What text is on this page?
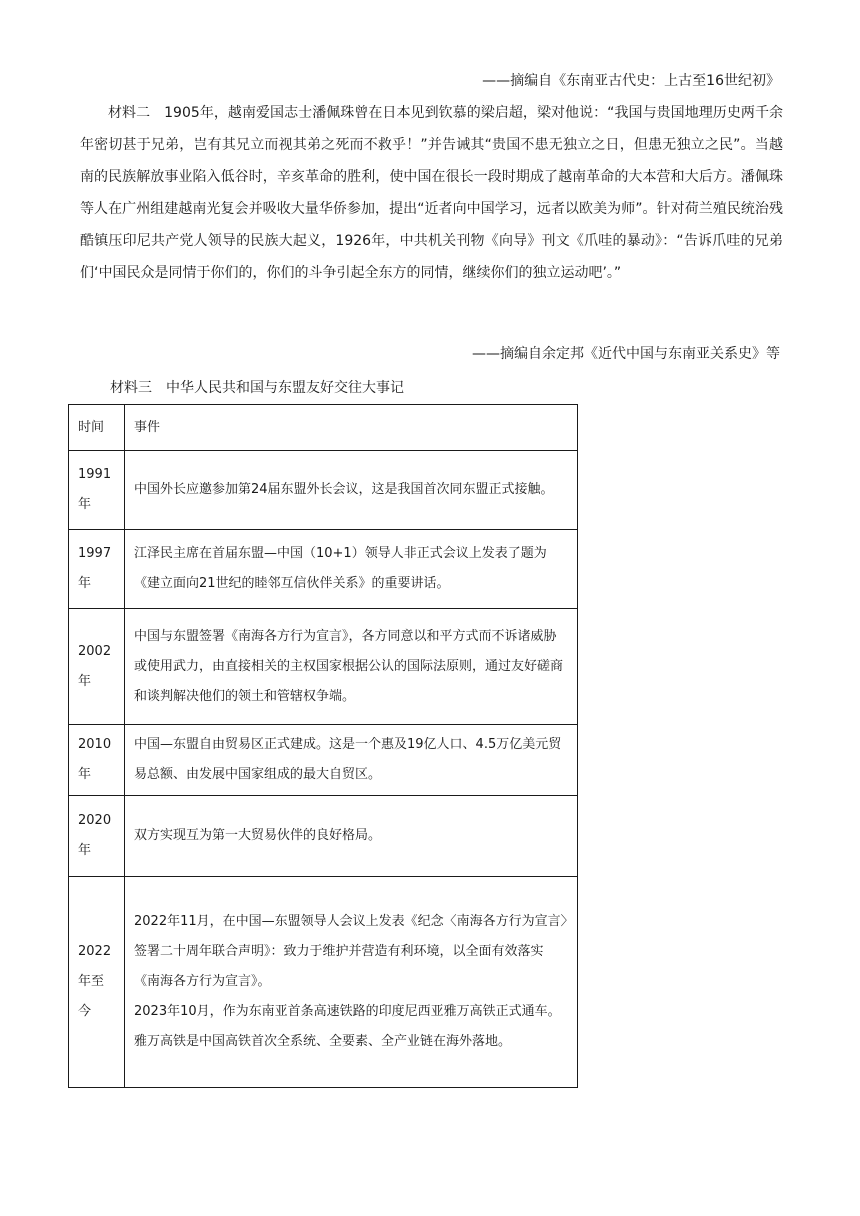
——摘编自《东南亚古代史：上古至16世纪初》
材料二 1905年，越南爱国志士潘佩珠曾在日本见到钦慕的梁启超，梁对他说：“我国与贵国地理历史两千余年密切甚于兄弟，岂有其兄立而视其弟之死而不救乎！”并告诫其“贵国不患无独立之日，但患无独立之民”。当越南的民族解放事业陷入低谷时，辛亥革命的胜利，使中国在很长一段时期成了越南革命的大本营和大后方。潘佩珠等人在广州组建越南光复会并吸收大量华侨参加，提出“近者向中国学习，远者以欧美为师”。针对荷兰殖民统治残酷镇压印尼共产党人领导的民族大起义，1926年，中共机关刊物《向导》刊文《爪哇的暴动》：“告诉爪哇的兄弟们‘中国民众是同情于你们的，你们的斗争引起全东方的同情，继续你们的独立运动吧’。”
——摘编自余定邦《近代中国与东南亚关系史》等
材料三 中华人民共和国与东盟友好交往大事记
时间	事件
1991年	中国外长应邀参加第24届东盟外长会议，这是我国首次同东盟正式接触。

1997年	江泽民主席在首届东盟—中国（10+1）领导人非正式会议上发表了题为《建立面向21世纪的睦邻互信伙伴关系》的重要讲话。

2002年	中国与东盟签署《南海各方行为宣言》，各方同意以和平方式而不诉诸威胁或使用武力，由直接相关的主权国家根据公认的国际法原则，通过友好磋商和谈判解决他们的领土和管辖权争端。

2010年	中国—东盟自由贸易区正式建成。这是一个惠及19亿人口、4.5万亿美元贸易总额、由发展中国家组成的最大自贸区。

2020年	双方实现互为第一大贸易伙伴的良好格局。

2022年至今	2022年11月，在中国—东盟领导人会议上发表《纪念〈南海各方行为宣言〉签署二十周年联合声明》：致力于维护并营造有利环境，以全面有效落实《南海各方行为宣言》。
2023年10月，作为东南亚首条高速铁路的印度尼西亚雅万高铁正式通车。雅万高铁是中国高铁首次全系统、全要素、全产业链在海外落地。
